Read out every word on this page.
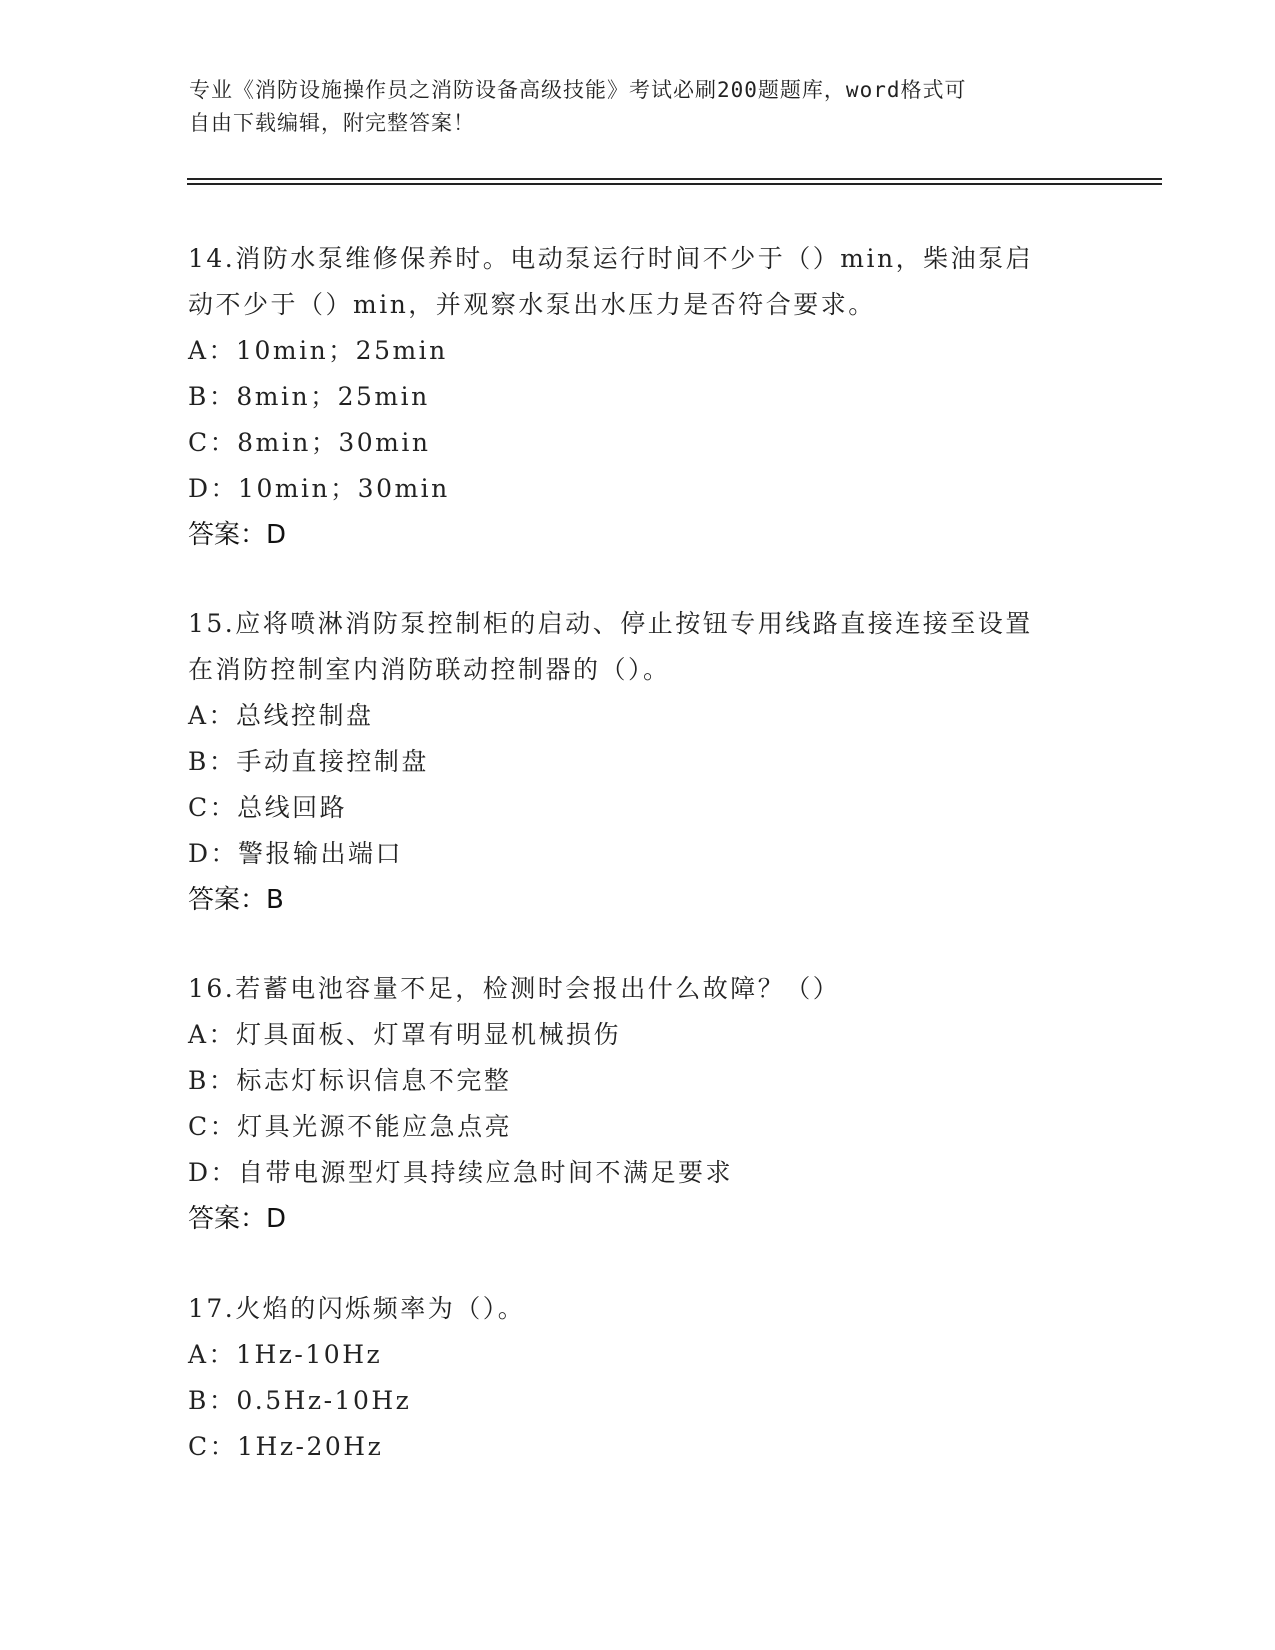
专业《消防设施操作员之消防设备高级技能》考试必刷200题题库，word格式可
自由下载编辑，附完整答案！

14.消防水泵维修保养时。电动泵运行时间不少于（）min，柴油泵启

动不少于（）min，并观察水泵出水压力是否符合要求。

A：10min；25min

B：8min；25min

C：8min；30min

D：10min；30min

答案：D

15.应将喷淋消防泵控制柜的启动、停止按钮专用线路直接连接至设置

在消防控制室内消防联动控制器的（）。

A：总线控制盘

B：手动直接控制盘

C：总线回路

D：警报输出端口

答案：B

16.若蓄电池容量不足，检测时会报出什么故障？（）

A：灯具面板、灯罩有明显机械损伤

B：标志灯标识信息不完整

C：灯具光源不能应急点亮

D：自带电源型灯具持续应急时间不满足要求

答案：D

17.火焰的闪烁频率为（）。

A：1Hz-10Hz

B：0.5Hz-10Hz

C：1Hz-20Hz
